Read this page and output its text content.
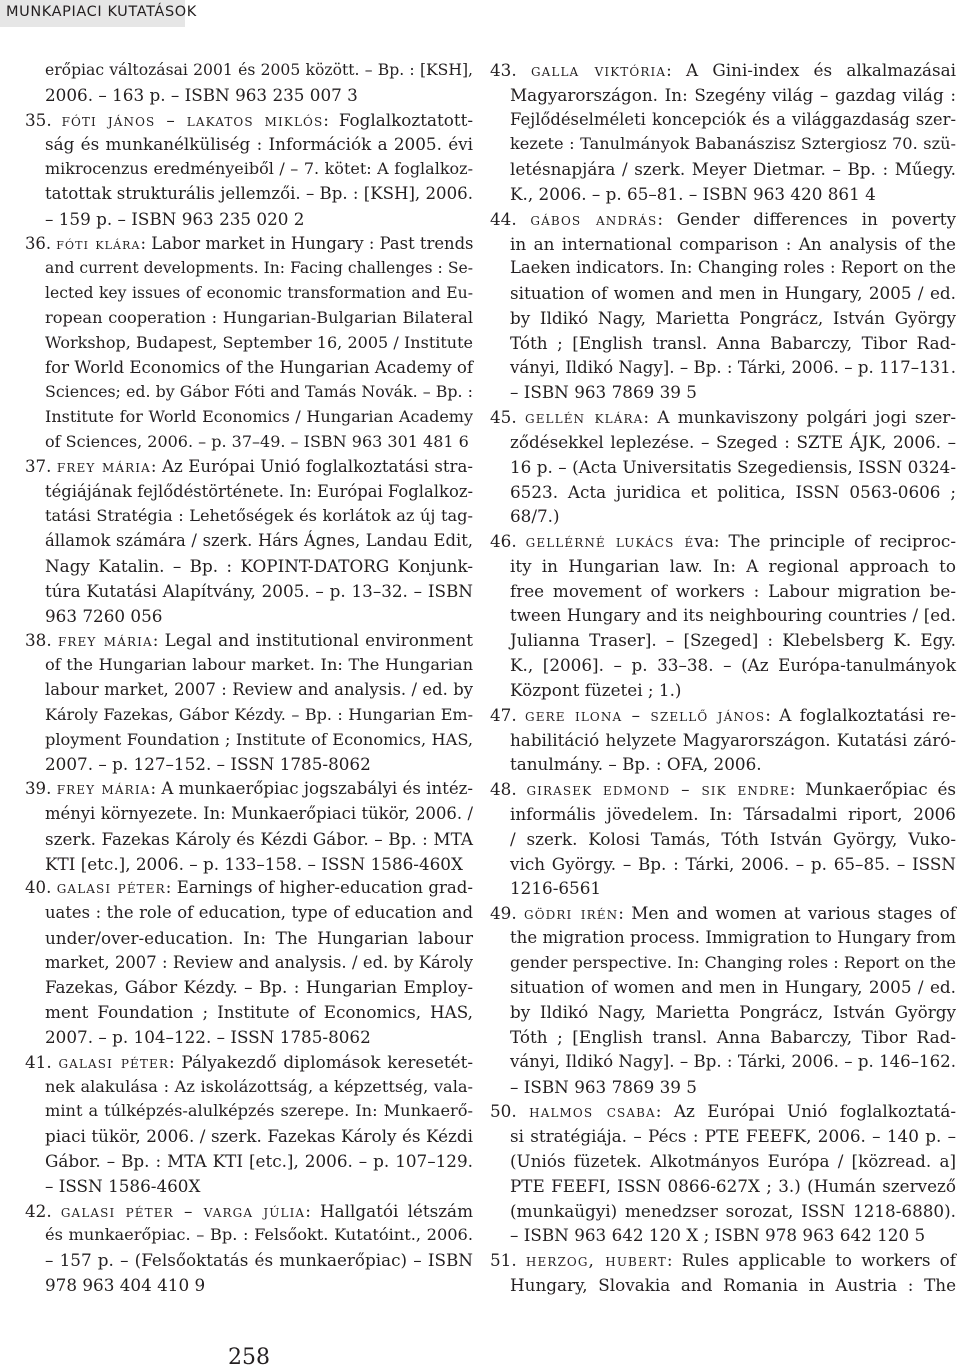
MUNKAPIACI KUTATÁSOK
erőpiac változásai 2001 és 2005 között. – Bp. : [KSH],
2006. – 163 p. – ISBN 963 235 007 3
35. fóti jános – lakatos miklós: Foglalkoztatott-
ság és munkanélküliség : Információk a 2005. évi
mikrocenzus eredményeiből / – 7. kötet: A foglalkoz-
tatottak strukturális jellemzői. – Bp. : [KSH], 2006.
– 159 p. – ISBN 963 235 020 2
36. fóti klára: Labor market in Hungary : Past trends
and current developments. In: Facing challenges : Se-
lected key issues of economic transformation and Eu-
ropean cooperation : Hungarian-Bulgarian Bilateral
Workshop, Budapest, September 16, 2005 / Institute
for World Economics of the Hungarian Academy of
Sciences; ed. by Gábor Fóti and Tamás Novák. – Bp. :
Institute for World Economics / Hungarian Academy
of Sciences, 2006. – p. 37–49. – ISBN 963 301 481 6
37. frey mária: Az Európai Unió foglalkoztatási stra-
tégiájának fejlődéstörténete. In: Európai Foglalkoz-
tatási Stratégia : Lehetőségek és korlátok az új tag-
államok számára / szerk. Hárs Ágnes, Landau Edit,
Nagy Katalin. – Bp. : KOPINT-DATORG Konjunk-
túra Kutatási Alapítvány, 2005. – p. 13–32. – ISBN
963 7260 056
38. frey mária: Legal and institutional environment
of the Hungarian labour market. In: The Hungarian
labour market, 2007 : Review and analysis. / ed. by
Károly Fazekas, Gábor Kézdy. – Bp. : Hungarian Em-
ployment Foundation ; Institute of Economics, HAS,
2007. – p. 127–152. – ISSN 1785-8062
39. frey mária: A munkaerőpiac jogszabályi és intéz-
ményi környezete. In: Munkaerőpiaci tükör, 2006. /
szerk. Fazekas Károly és Kézdi Gábor. – Bp. : MTA
KTI [etc.], 2006. – p. 133–158. – ISSN 1586-460X
40. galasi péter: Earnings of higher-education grad-
uates : the role of education, type of education and
under/over-education. In: The Hungarian labour
market, 2007 : Review and analysis. / ed. by Károly
Fazekas, Gábor Kézdy. – Bp. : Hungarian Employ-
ment Foundation ; Institute of Economics, HAS,
2007. – p. 104–122. – ISSN 1785-8062
41. galasi péter: Pályakezdő diplomások keresetét-
nek alakulása : Az iskolázottság, a képzettség, vala-
mint a túlképzés-alulképzés szerepe. In: Munkaerő-
piaci tükör, 2006. / szerk. Fazekas Károly és Kézdi
Gábor. – Bp. : MTA KTI [etc.], 2006. – p. 107–129.
– ISSN 1586-460X
42. galasi péter – varga júlia: Hallgatói létszám
és munkaerőpiac. – Bp. : Felsőokt. Kutatóint., 2006.
– 157 p. – (Felsőoktatás és munkaerőpiac) – ISBN
978 963 404 410 9
43. galla viktória: A Gini-index és alkalmazásai
Magyarországon. In: Szegény világ – gazdag világ :
Fejlődéselméleti koncepciók és a világgazdaság szer-
kezete : Tanulmányok Babanászisz Sztergiosz 70. szü-
letésnapjára / szerk. Meyer Dietmar. – Bp. : Műegy.
K., 2006. – p. 65–81. – ISBN 963 420 861 4
44. gábos andrás: Gender differences in poverty
in an international comparison : An analysis of the
Laeken indicators. In: Changing roles : Report on the
situation of women and men in Hungary, 2005 / ed.
by Ildikó Nagy, Marietta Pongrácz, István György
Tóth ; [English transl. Anna Babarczy, Tibor Rad-
ványi, Ildikó Nagy]. – Bp. : Tárki, 2006. – p. 117–131.
– ISBN 963 7869 39 5
45. gellén klára: A munkaviszony polgári jogi szer-
ződésekkel leplezése. – Szeged : SZTE ÁJK, 2006. –
16 p. – (Acta Universitatis Szegediensis, ISSN 0324-
6523. Acta juridica et politica, ISSN 0563-0606 ;
68/7.)
46. gellérné lukács éva: The principle of reciproc-
ity in Hungarian law. In: A regional approach to
free movement of workers : Labour migration be-
tween Hungary and its neighbouring countries / [ed.
Julianna Traser]. – [Szeged] : Klebelsberg K. Egy.
K., [2006]. – p. 33–38. – (Az Európa-tanulmányok
Központ füzetei ; 1.)
47. gere ilona – szellő jános: A foglalkoztatási re-
habilitáció helyzete Magyarországon. Kutatási záró-
tanulmány. – Bp. : OFA, 2006.
48. girasek edmond – sik endre: Munkaerőpiac és
informális jövedelem. In: Társadalmi riport, 2006
/ szerk. Kolosi Tamás, Tóth István György, Vuko-
vich György. – Bp. : Tárki, 2006. – p. 65–85. – ISSN
1216-6561
49. gödri irén: Men and women at various stages of
the migration process. Immigration to Hungary from
gender perspective. In: Changing roles : Report on the
situation of women and men in Hungary, 2005 / ed.
by Ildikó Nagy, Marietta Pongrácz, István György
Tóth ; [English transl. Anna Babarczy, Tibor Rad-
ványi, Ildikó Nagy]. – Bp. : Tárki, 2006. – p. 146–162.
– ISBN 963 7869 39 5
50. halmos csaba: Az Európai Unió foglalkoztatá-
si stratégiája. – Pécs : PTE FEEFK, 2006. – 140 p. –
(Uniós füzetek. Alkotmányos Európa / [közread. a]
PTE FEEFI, ISSN 0866-627X ; 3.) (Humán szervező
(munkaügyi) menedzser sorozat, ISSN 1218-6880).
– ISBN 963 642 120 X ; ISBN 978 963 642 120 5
51. herzog, hubert: Rules applicable to workers of
Hungary, Slovakia and Romania in Austria : The
258
